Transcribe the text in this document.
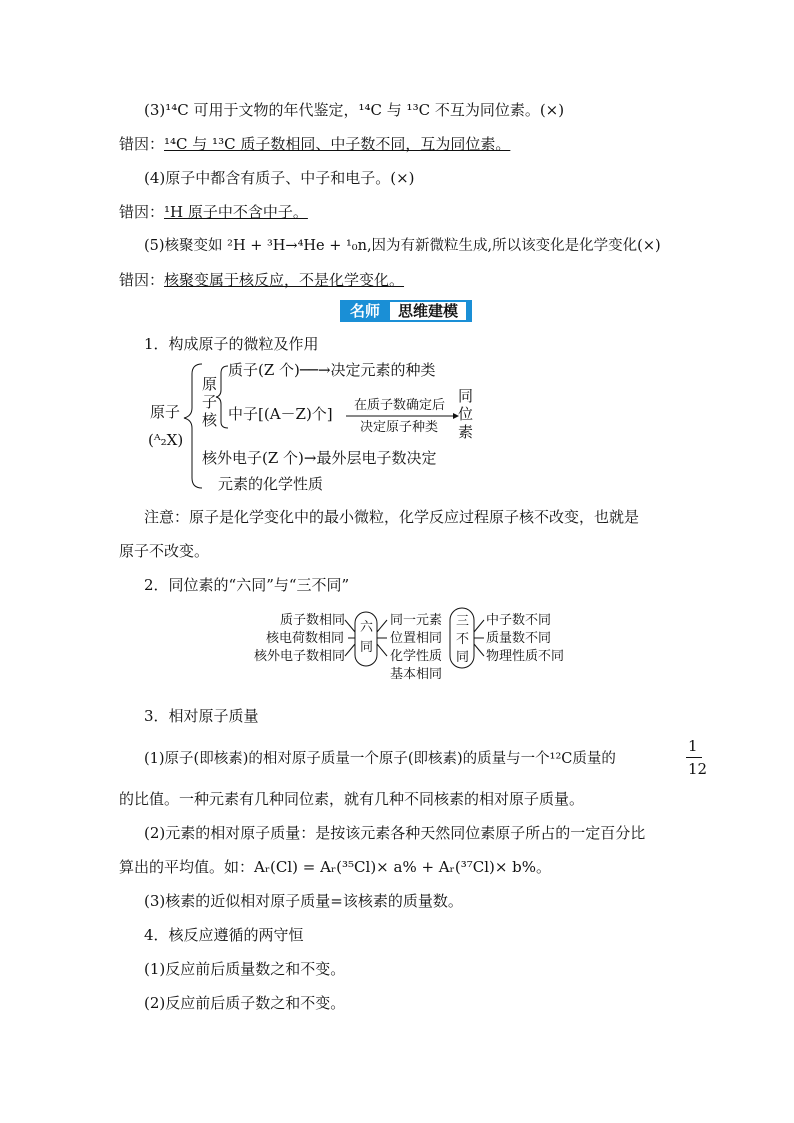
(3)¹⁴C 可用于文物的年代鉴定，¹⁴C 与 ¹³C 不互为同位素。(×)
错因：¹⁴C 与 ¹³C 质子数相同、中子数不同，互为同位素。
(4)原子中都含有质子、中子和电子。(×)
错因：¹H 原子中不含中子。
(5)核聚变如 ²H + ³H→⁴He + ¹₀n,因为有新微粒生成,所以该变化是化学变化(×)
错因：核聚变属于核反应，不是化学变化。
名师	思维建模
1．构成原子的微粒及作用
原子
(ᴬ₂X)
原
子
核
质子(Z 个)──→决定元素的种类
中子[(A－Z)个] 在质子数确定后
决定原子种类
同
位
素
核外电子(Z 个)→最外层电子数决定
元素的化学性质
注意：原子是化学变化中的最小微粒，化学反应过程原子核不改变，也就是
原子不改变。
2．同位素的“六同”与“三不同”
质子数相同
核电荷数相同
核外电子数相同
六
同
同一元素
位置相同
化学性质
基本相同
三
不
同
中子数不同
质量数不同
物理性质不同
3．相对原子质量
(1)原子(即核素)的相对原子质量一个原子(即核素)的质量与一个¹²C质量的
1
12
的比值。一种元素有几种同位素，就有几种不同核素的相对原子质量。
(2)元素的相对原子质量：是按该元素各种天然同位素原子所占的一定百分比
算出的平均值。如：Aᵣ(Cl) = Aᵣ(³⁵Cl)× a% + Aᵣ(³⁷Cl)× b%。
(3)核素的近似相对原子质量=该核素的质量数。
4．核反应遵循的两守恒
(1)反应前后质量数之和不变。
(2)反应前后质子数之和不变。
